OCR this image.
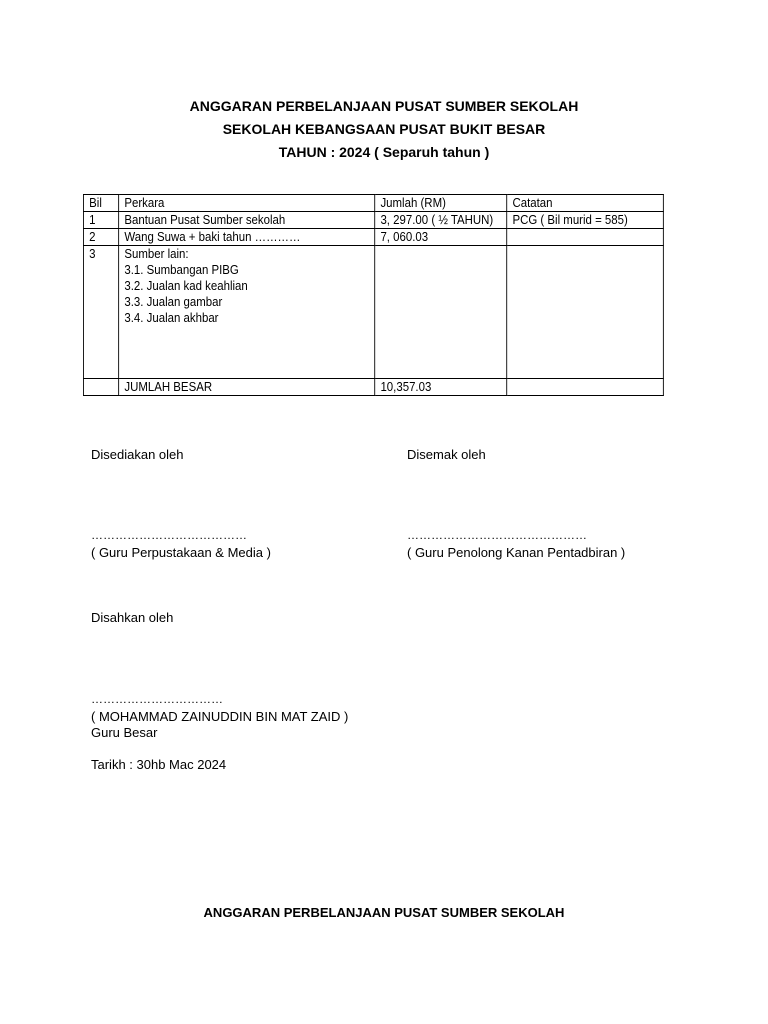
ANGGARAN PERBELANJAAN PUSAT SUMBER SEKOLAH
SEKOLAH KEBANGSAAN PUSAT BUKIT BESAR
TAHUN : 2024 ( Separuh tahun )
Bil	Perkara	Jumlah (RM)	Catatan
1	Bantuan Pusat Sumber sekolah	3, 297.00 ( ½ TAHUN)	PCG ( Bil murid = 585)
2	Wang Suwa + baki tahun …………	7, 060.03	
3	Sumber lain:
3.1. Sumbangan PIBG
3.2. Jualan kad keahlian
3.3. Jualan gambar
3.4. Jualan akhbar		

	JUMLAH BESAR	10,357.03	
Disediakan oleh	Disemak oleh
…………………………………	………………………………………
( Guru Perpustakaan & Media )	( Guru Penolong Kanan Pentadbiran )
Disahkan oleh
……………………………
( MOHAMMAD ZAINUDDIN BIN MAT ZAID )
Guru Besar
Tarikh : 30hb Mac 2024
ANGGARAN PERBELANJAAN PUSAT SUMBER SEKOLAH
